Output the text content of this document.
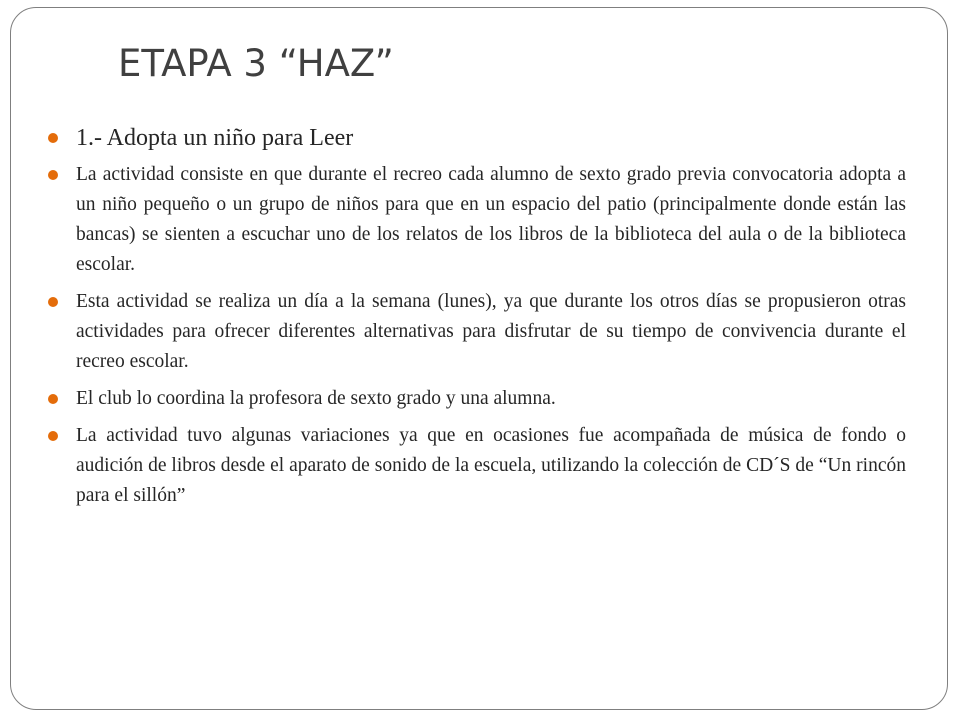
ETAPA 3 “HAZ”
1.- Adopta un niño para Leer
La actividad consiste en que durante el recreo cada alumno de sexto grado previa convocatoria adopta a un niño pequeño o un grupo de niños para que en un espacio del patio (principalmente donde están las bancas) se sienten a escuchar uno de los relatos de los libros de la biblioteca del aula o de la biblioteca escolar.
Esta actividad se realiza un día a la semana (lunes), ya que durante los otros días se propusieron otras actividades para ofrecer diferentes alternativas para disfrutar de su tiempo de convivencia durante el recreo escolar.
El club lo coordina la profesora de sexto grado y una alumna.
La actividad tuvo algunas variaciones ya que en ocasiones fue acompañada de música de fondo o audición de libros desde el aparato de sonido de la escuela, utilizando la colección de CD´S de “Un rincón para el sillón”
